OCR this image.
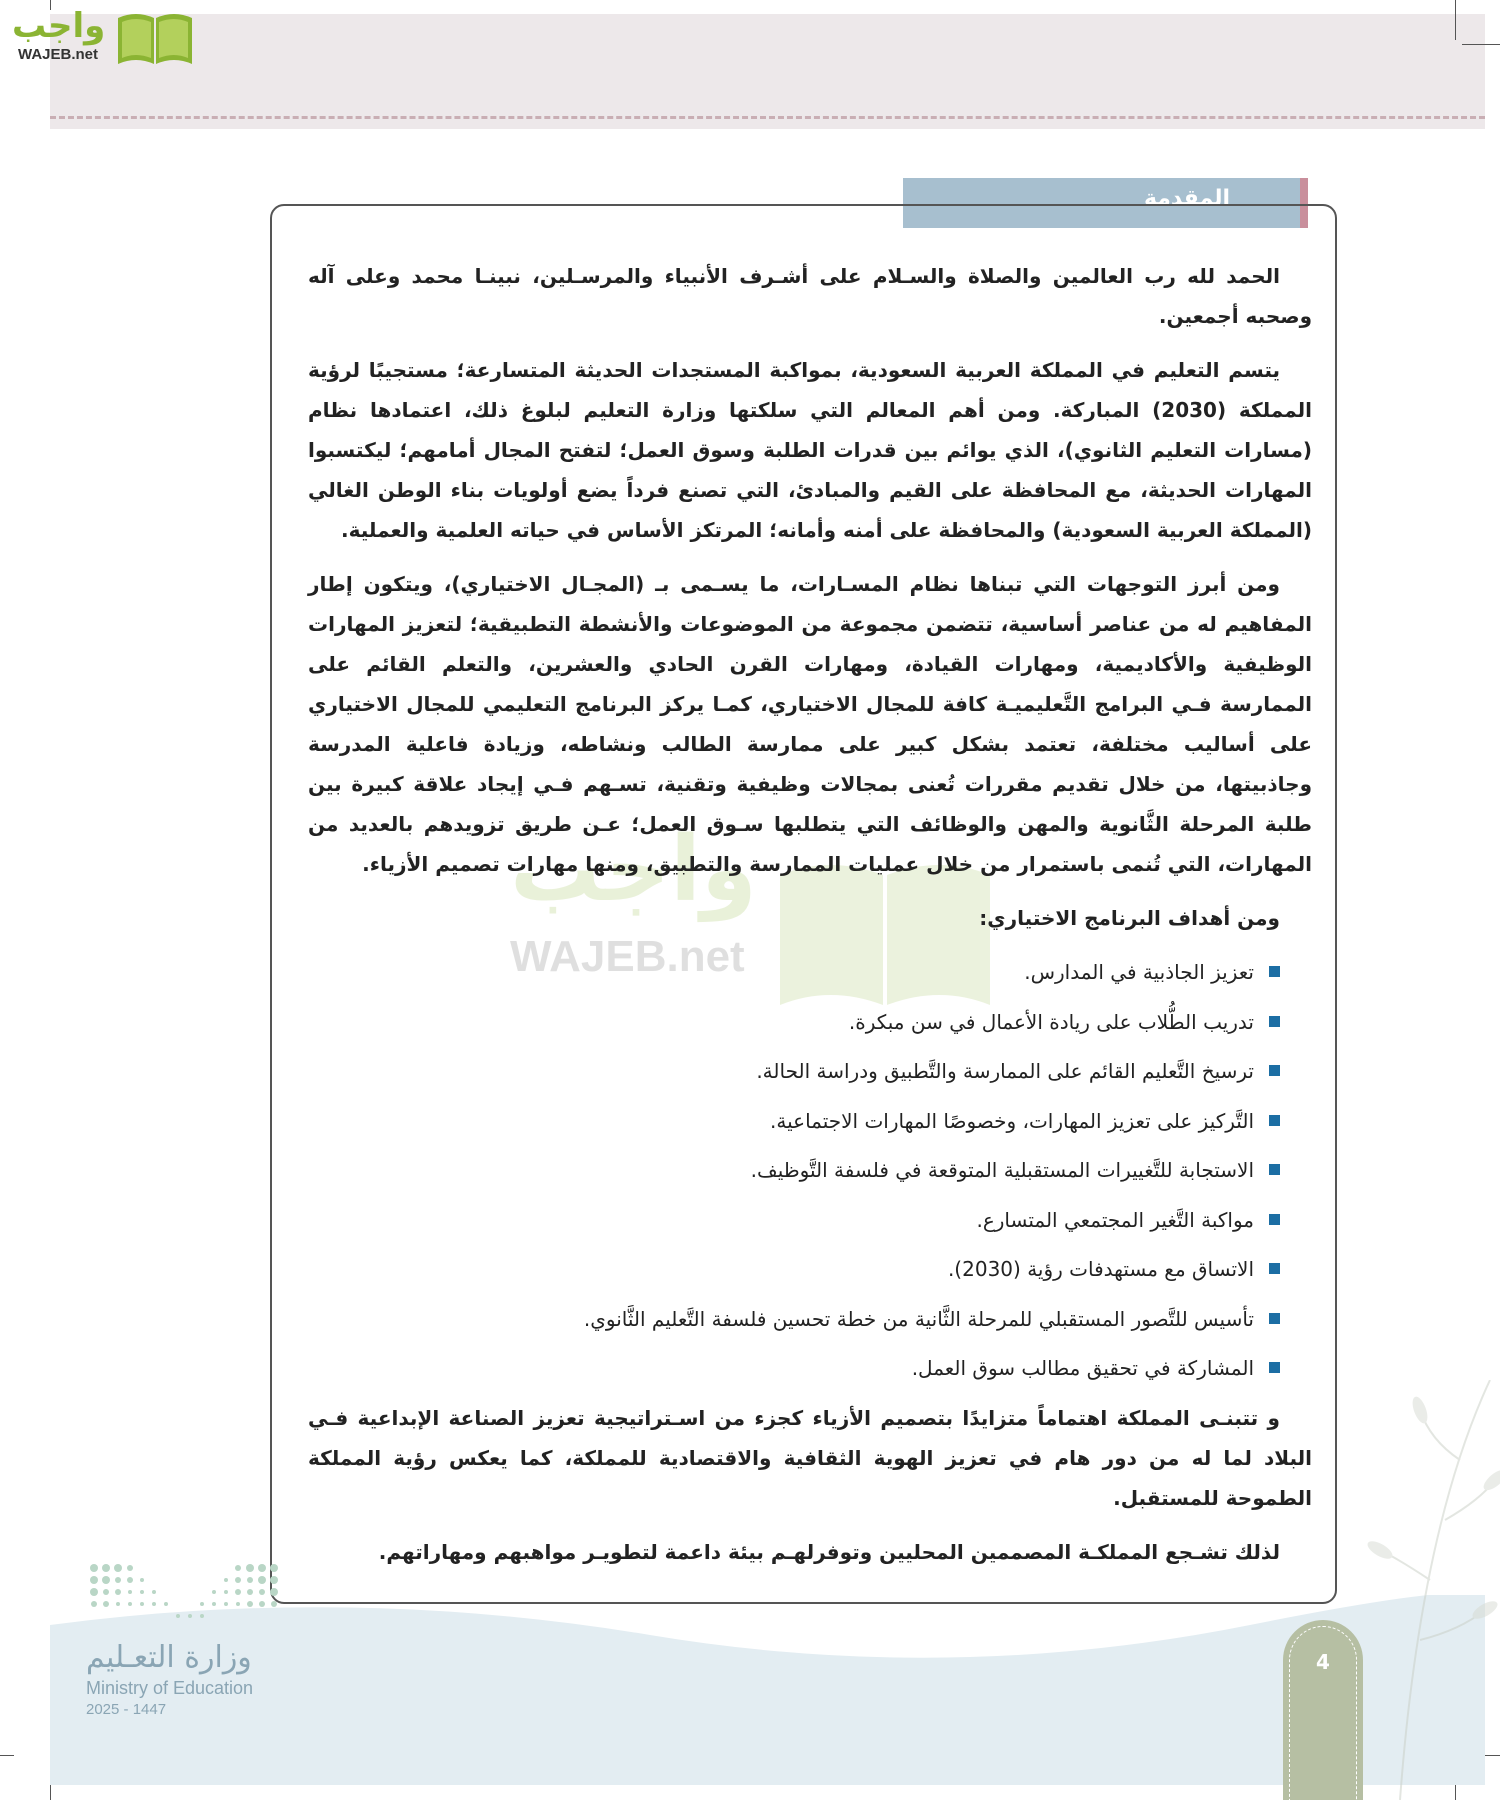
واجب
WAJEB.net
واجب
WAJEB.net
المقدمة

الحمد لله رب العالمين والصلاة والسـلام على أشـرف الأنبياء والمرسـلين، نبينـا محمد وعلى آله وصحبه أجمعين.

يتسم التعليم في المملكة العربية السعودية، بمواكبة المستجدات الحديثة المتسارعة؛ مستجيبًا لرؤية المملكة (2030) المباركة. ومن أهم المعالم التي سلكتها وزارة التعليم لبلوغ ذلك، اعتمادها نظام (مسارات التعليم الثانوي)، الذي يوائم بين قدرات الطلبة وسوق العمل؛ لتفتح المجال أمامهم؛ ليكتسبوا المهارات الحديثة، مع المحافظة على القيم والمبادئ، التي تصنع فرداً يضع أولويات بناء الوطن الغالي (المملكة العربية السعودية) والمحافظة على أمنه وأمانه؛ المرتكز الأساس في حياته العلمية والعملية.

ومن أبرز التوجهات التي تبناها نظام المسـارات، ما يسـمى بـ (المجـال الاختياري)، ويتكون إطار المفاهيم له من عناصر أساسية، تتضمن مجموعة من الموضوعات والأنشطة التطبيقية؛ لتعزيز المهارات الوظيفية والأكاديمية، ومهارات القيادة، ومهارات القرن الحادي والعشرين، والتعلم القائم على الممارسة فـي البرامج التَّعليميـة كافة للمجال الاختياري، كمـا يركز البرنامج التعليمي للمجال الاختياري على أساليب مختلفة، تعتمد بشكل كبير على ممارسة الطالب ونشاطه، وزيادة فاعلية المدرسة وجاذبيتها، من خلال تقديم مقررات تُعنى بمجالات وظيفية وتقنية، تسـهم فـي إيجاد علاقة كبيرة بين طلبة المرحلة الثَّانوية والمهن والوظائف التي يتطلبها سـوق العمل؛ عـن طريق تزويدهم بالعديد من المهارات، التي تُنمى باستمرار من خلال عمليات الممارسة والتطبيق، ومنها مهارات تصميم الأزياء.

ومن أهداف البرنامج الاختياري:

تعزيز الجاذبية في المدارس.
تدريب الطُّلاب على ريادة الأعمال في سن مبكرة.
ترسيخ التَّعليم القائم على الممارسة والتَّطبيق ودراسة الحالة.
التَّركيز على تعزيز المهارات، وخصوصًا المهارات الاجتماعية.
الاستجابة للتَّغييرات المستقبلية المتوقعة في فلسفة التَّوظيف.
مواكبة التَّغير المجتمعي المتسارع.
الاتساق مع مستهدفات رؤية (2030).
تأسيس للتَّصور المستقبلي للمرحلة الثَّانية من خطة تحسين فلسفة التَّعليم الثَّانوي.
المشاركة في تحقيق مطالب سوق العمل.

و تتبنـى المملكة اهتماماً متزايدًا بتصميم الأزياء كجزء من اسـتراتيجية تعزيز الصناعة الإبداعية فـي البلاد لما له من دور هام في تعزيز الهوية الثقافية والاقتصادية للمملكة، كما يعكس رؤية المملكة الطموحة للمستقبل.

لذلك تشـجع المملكـة المصممين المحليين وتوفرلهـم بيئة داعمة لتطويـر مواهبهم ومهاراتهم.

وزارة التعـليم
Ministry of Education
2025 - 1447
4
